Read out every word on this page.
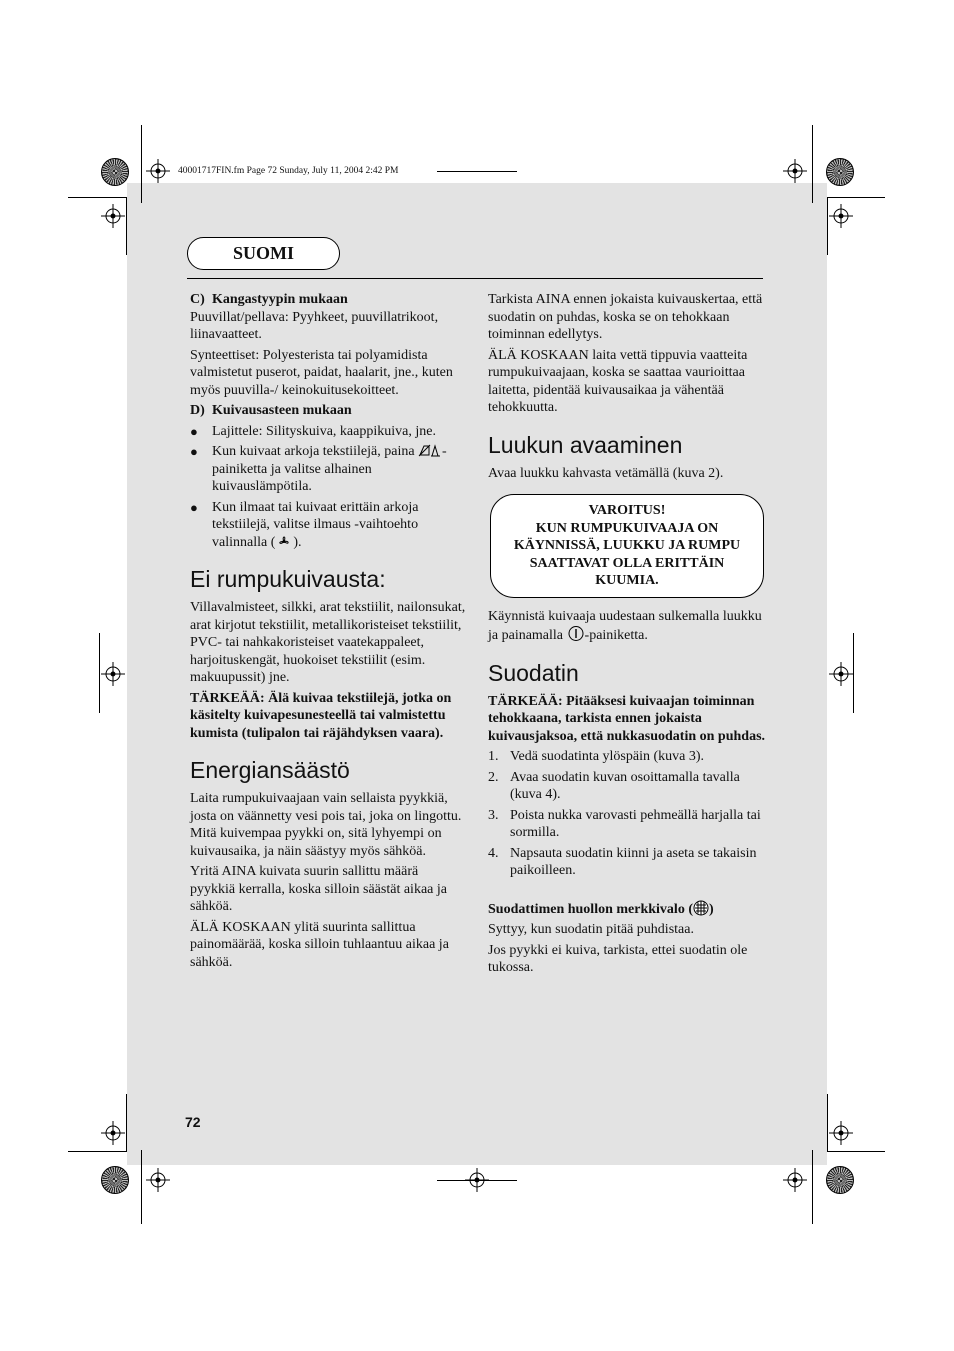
40001717FIN.fm Page 72 Sunday, July 11, 2004 2:42 PM
SUOMI
C) Kangastyypin mukaan

Puuvillat/pellava: Pyyhkeet, puuvillatrikoot, liinavaatteet.

Synteettiset: Polyesterista tai polyamidista valmistetut puserot, paidat, haalarit, jne., kuten myös puuvilla-/ keinokuitusekoitteet.

D) Kuivausasteen mukaan
●	Lajittele: Silityskuiva, kaappikuiva, jne.
●	Kun kuivaat arkoja tekstiilejä, paina -painiketta ja valitse alhainen kuivauslämpötila.
●	Kun ilmaat tai kuivaat erittäin arkoja tekstiilejä, valitse ilmaus -vaihtoehto valinnalla ( ).
Ei rumpukuivausta:

Villavalmisteet, silkki, arat tekstiilit, nailonsukat, arat kirjotut tekstiilit, metallikoristeiset tekstiilit, PVC- tai nahkakoristeiset vaatekappaleet, harjoituskengät, huokoiset tekstiilit (esim. makuupussit) jne.

TÄRKEÄÄ: Älä kuivaa tekstiilejä, jotka on käsitelty kuivapesunesteellä tai valmistettu kumista (tulipalon tai räjähdyksen vaara).

Energiansäästö

Laita rumpukuivaajaan vain sellaista pyykkiä, josta on väännetty vesi pois tai, joka on lingottu. Mitä kuivempaa pyykki on, sitä lyhyempi on kuivausaika, ja näin säästyy myös sähköä.

Yritä AINA kuivata suurin sallittu määrä pyykkiä kerralla, koska silloin säästät aikaa ja sähköä.

ÄLÄ KOSKAAN ylitä suurinta sallittua painomäärää, koska silloin tuhlaantuu aikaa ja sähköä.

Tarkista AINA ennen jokaista kuivauskertaa, että suodatin on puhdas, koska se on tehokkaan toiminnan edellytys.

ÄLÄ KOSKAAN laita vettä tippuvia vaatteita rumpukuivaajaan, koska se saattaa vaurioittaa laitetta, pidentää kuivausaikaa ja vähentää tehokkuutta.

Luukun avaaminen

Avaa luukku kahvasta vetämällä (kuva 2).

VAROITUS!
KUN RUMPUKUIVAAJA ON KÄYNNISSÄ, LUUKKU JA RUMPU SAATTAVAT OLLA ERITTÄIN KUUMIA.

Käynnistä kuivaaja uudestaan sulkemalla luukku ja painamalla -painiketta.

Suodatin

TÄRKEÄÄ: Pitääksesi kuivaajan toiminnan tehokkaana, tarkista ennen jokaista kuivausjaksoa, että nukkasuodatin on puhdas.

1. Vedä suodatinta ylöspäin (kuva 3).
2. Avaa suodatin kuvan osoittamalla tavalla (kuva 4).
3. Poista nukka varovasti pehmeällä harjalla tai sormilla.
4. Napsauta suodatin kiinni ja aseta se takaisin paikoilleen.

Suodattimen huollon merkkivalo ( )

Syttyy, kun suodatin pitää puhdistaa.

Jos pyykki ei kuiva, tarkista, ettei suodatin ole tukossa.

72
